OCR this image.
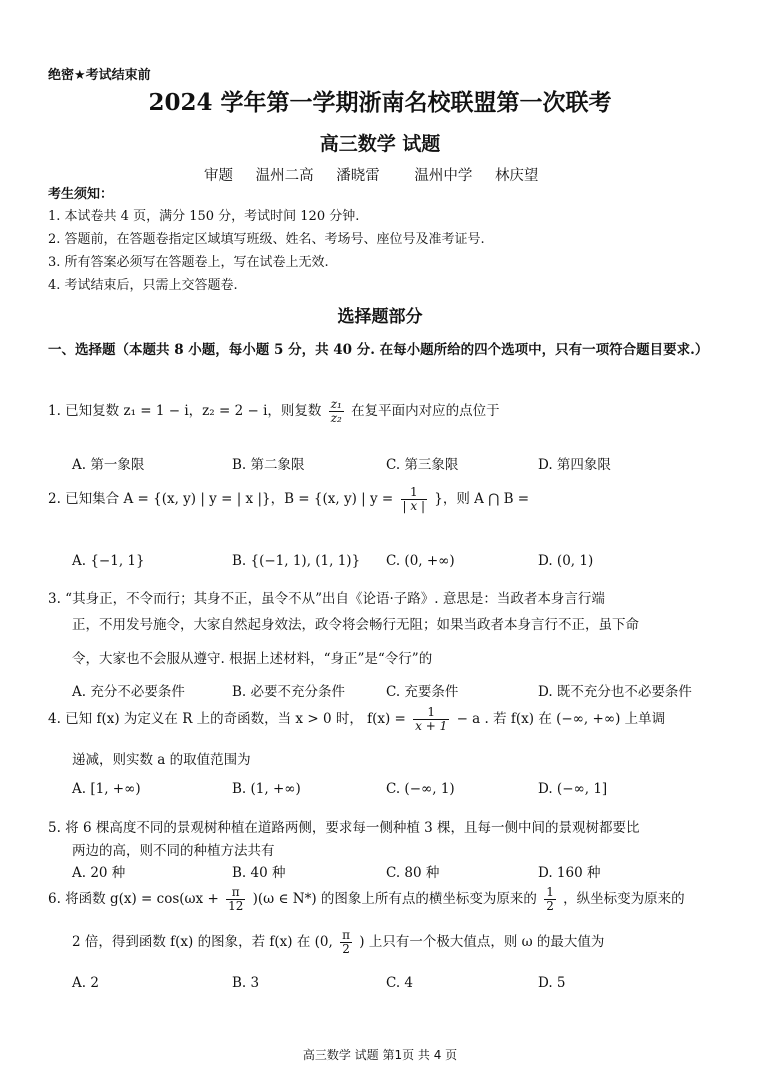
绝密★考试结束前
2024 学年第一学期浙南名校联盟第一次联考
高三数学 试题
审题 温州二高 潘晓雷 温州中学 林庆望
考生须知：
1. 本试卷共 4 页，满分 150 分，考试时间 120 分钟.
2. 答题前，在答题卷指定区域填写班级、姓名、考场号、座位号及准考证号.
3. 所有答案必须写在答题卷上，写在试卷上无效.
4. 考试结束后，只需上交答题卷.
选择题部分
一、选择题（本题共 8 小题，每小题 5 分，共 40 分. 在每小题所给的四个选项中，只有一项符合题目要求.）
1. 已知复数 z₁ = 1 − i，z₂ = 2 − i，则复数 $\frac{\text{z₁}}{\text{z₂}}$ 在复平面内对应的点位于
A. 第一象限	B. 第二象限	C. 第三象限	D. 第四象限
2. 已知集合 A = {(x, y) | y = | x |}，B = {(x, y) | $y = \frac{1}{| x |}$ }，则 A ⋂ B =
A. {−1, 1}	B. {(−1, 1), (1, 1)} C. (0, +∞)	D. (0, 1)
3. “其身正，不令而行；其身不正，虽令不从”出自《论语·子路》. 意思是：当政者本身言行端
正，不用发号施令，大家自然起身效法，政令将会畅行无阻；如果当政者本身言行不正，虽下命
令，大家也不会服从遵守. 根据上述材料，“身正”是“令行”的
A. 充分不必要条件	B. 必要不充分条件	C. 充要条件	D. 既不充分也不必要条件
4. 已知 f(x) 为定义在 R 上的奇函数，当 x > 0 时， $f(x) = \frac{1}{x + 1} - a$ . 若 f(x) 在 (−∞, +∞) 上单调
递减，则实数 a 的取值范围为
A. [1, +∞)	B. (1, +∞)	C. (−∞, 1)	D. (−∞, 1]
5. 将 6 棵高度不同的景观树种植在道路两侧，要求每一侧种植 3 棵，且每一侧中间的景观树都要比
两边的高，则不同的种植方法共有
A. 20 种	B. 40 种	C. 80 种	D. 160 种
6. 将函数 $g(x) = \cos(\omega x + \frac{\pi}{12} )(\omega$ ∈ N*) 的图象上所有点的横坐标变为原来的 $\frac{1}{2}$ ，纵坐标变为原来的
2 倍，得到函数 f(x) 的图象，若 f(x) 在 (0, $\frac{\pi}{2}$ ) 上只有一个极大值点，则 ω 的最大值为
A. 2	B. 3	C. 4	D. 5
高三数学 试题 第1页 共 4 页
